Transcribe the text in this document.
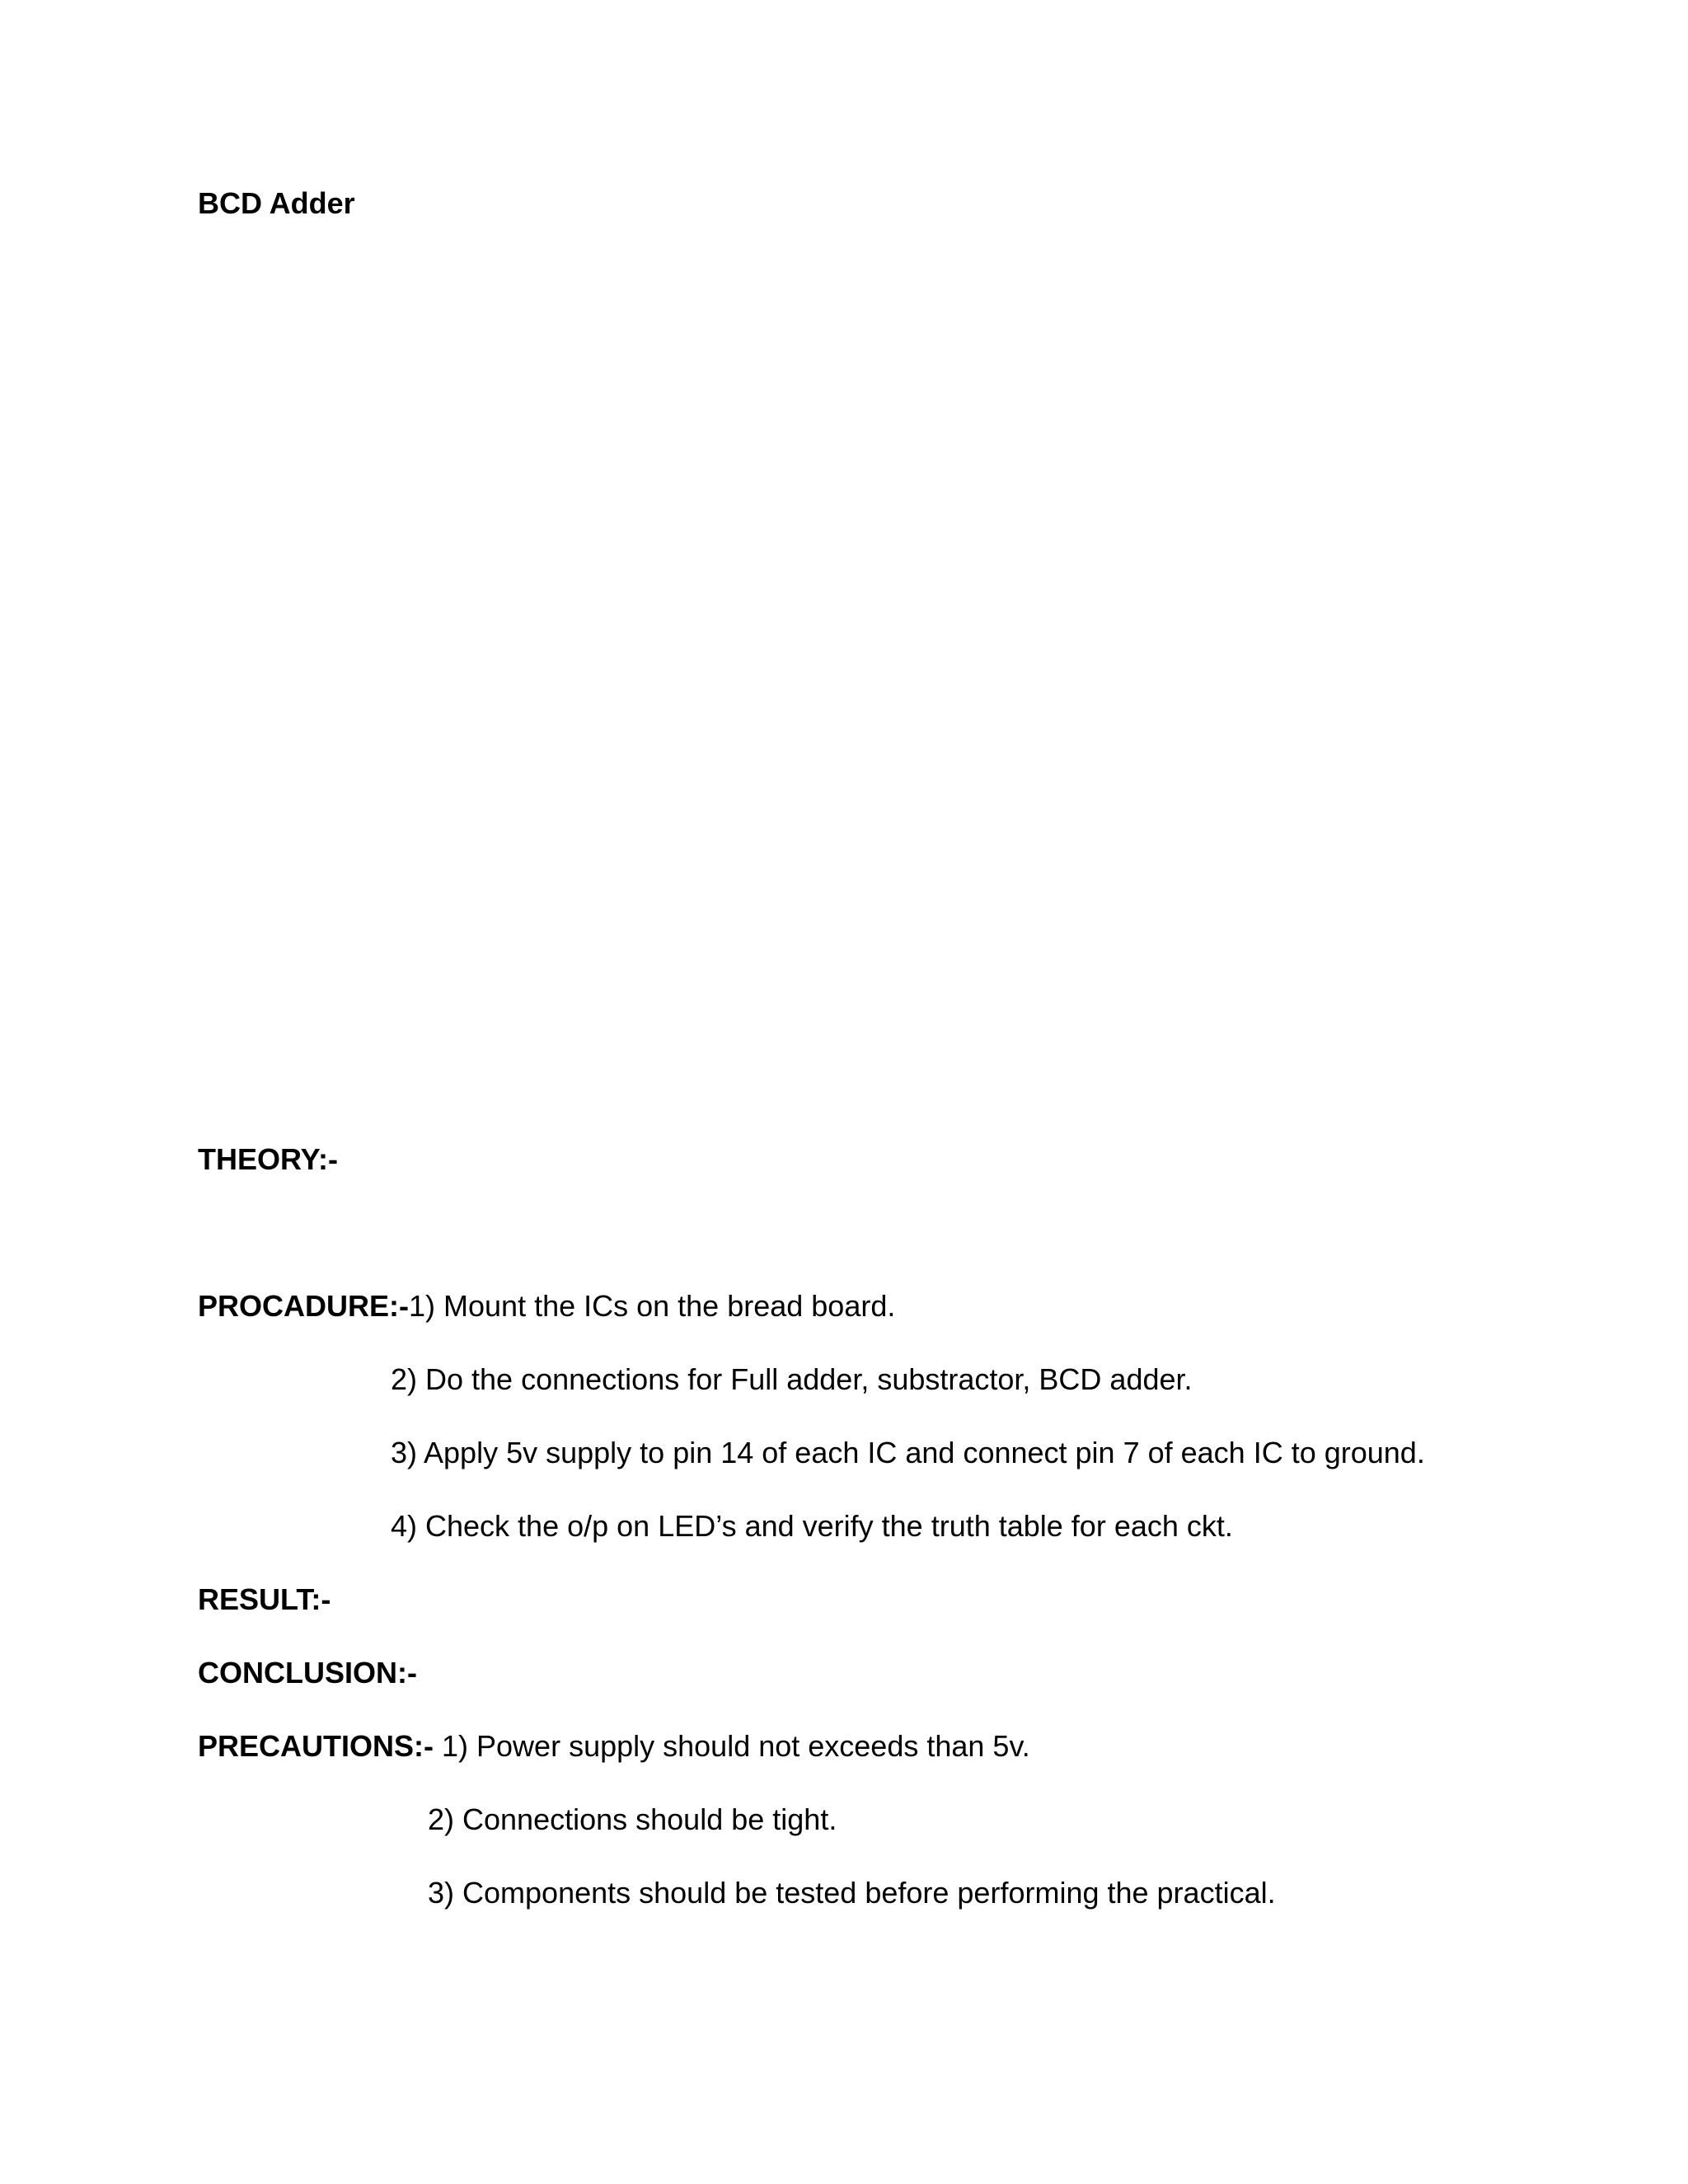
BCD Adder
THEORY:-
PROCADURE:-1) Mount the ICs on the bread board.
2) Do the connections for Full adder, substractor, BCD adder.
3) Apply 5v supply to pin 14 of each IC and connect pin 7 of each IC to ground.
4) Check the o/p on LED’s and verify the truth table for each ckt.
RESULT:-
CONCLUSION:-
PRECAUTIONS:- 1) Power supply should not exceeds than 5v.
2) Connections should be tight.
3) Components should be tested before performing the practical.
